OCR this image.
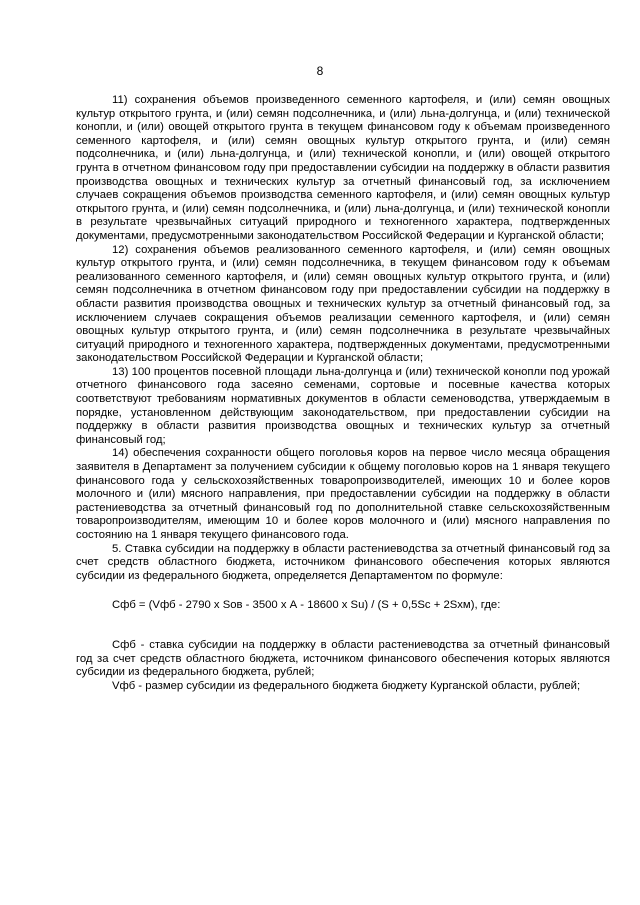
8

11) сохранения объемов произведенного семенного картофеля, и (или) семян овощных культур открытого грунта, и (или) семян подсолнечника, и (или) льна-долгунца, и (или) технической конопли, и (или) овощей открытого грунта в текущем финансовом году к объемам произведенного семенного картофеля, и (или) семян овощных культур открытого грунта, и (или) семян подсолнечника, и (или) льна-долгунца, и (или) технической конопли, и (или) овощей открытого грунта в отчетном финансовом году при предоставлении субсидии на поддержку в области развития производства овощных и технических культур за отчетный финансовый год, за исключением случаев сокращения объемов производства семенного картофеля, и (или) семян овощных культур открытого грунта, и (или) семян подсолнечника, и (или) льна-долгунца, и (или) технической конопли в результате чрезвычайных ситуаций природного и техногенного характера, подтвержденных документами, предусмотренными законодательством Российской Федерации и Курганской области;

12) сохранения объемов реализованного семенного картофеля, и (или) семян овощных культур открытого грунта, и (или) семян подсолнечника, в текущем финансовом году к объемам реализованного семенного картофеля, и (или) семян овощных культур открытого грунта, и (или) семян подсолнечника в отчетном финансовом году при предоставлении субсидии на поддержку в области развития производства овощных и технических культур за отчетный финансовый год, за исключением случаев сокращения объемов реализации семенного картофеля, и (или) семян овощных культур открытого грунта, и (или) семян подсолнечника в результате чрезвычайных ситуаций природного и техногенного характера, подтвержденных документами, предусмотренными законодательством Российской Федерации и Курганской области;

13) 100 процентов посевной площади льна-долгунца и (или) технической конопли под урожай отчетного финансового года засеяно семенами, сортовые и посевные качества которых соответствуют требованиям нормативных документов в области семеноводства, утверждаемым в порядке, установленном действующим законодательством, при предоставлении субсидии на поддержку в области развития производства овощных и технических культур за отчетный финансовый год;

14) обеспечения сохранности общего поголовья коров на первое число месяца обращения заявителя в Департамент за получением субсидии к общему поголовью коров на 1 января текущего финансового года у сельскохозяйственных товаропроизводителей, имеющих 10 и более коров молочного и (или) мясного направления, при предоставлении субсидии на поддержку в области растениеводства за отчетный финансовый год по дополнительной ставке сельскохозяйственным товаропроизводителям, имеющим 10 и более коров молочного и (или) мясного направления по состоянию на 1 января текущего финансового года.

5. Ставка субсидии на поддержку в области растениеводства за отчетный финансовый год за счет средств областного бюджета, источником финансового обеспечения которых являются субсидии из федерального бюджета, определяется Департаментом по формуле:

Сфб = (Vфб - 2790 х Sов - 3500 х А - 18600 х Su) / (S + 0,5Sc + 2Sхм), где:

Сфб - ставка субсидии на поддержку в области растениеводства за отчетный финансовый год за счет средств областного бюджета, источником финансового обеспечения которых являются субсидии из федерального бюджета, рублей;

Vфб - размер субсидии из федерального бюджета бюджету Курганской области, рублей;
